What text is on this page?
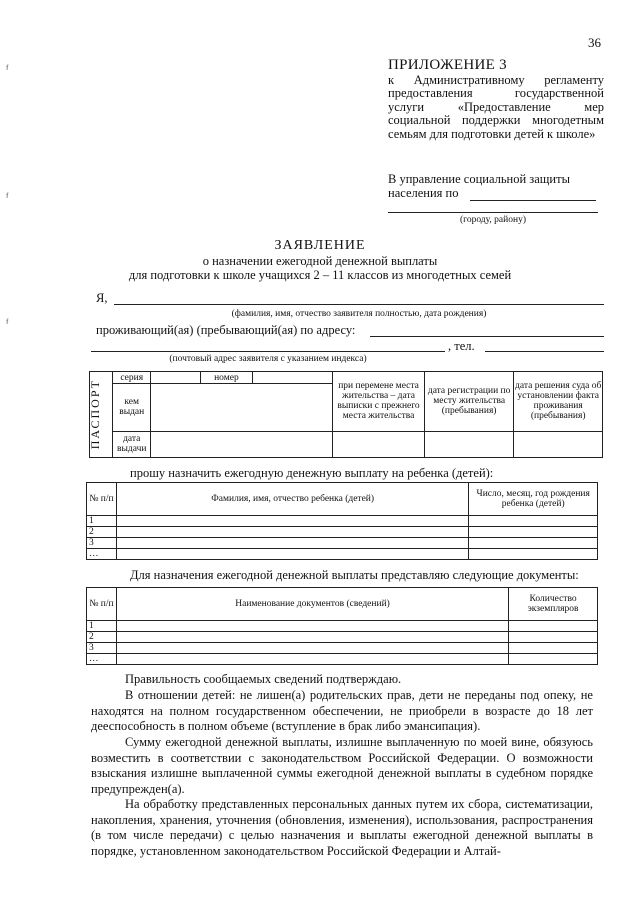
36
ᶠ
ᶠ
ᶠ
ПРИЛОЖЕНИЕ 3
к Административному регламенту предоставления государственной услуги «Предоставление мер социальной поддержки многодетным семьям для подготовки детей к школе»
В управление социальной защиты
населения по
(городу, району)
ЗАЯВЛЕНИЕ
о назначении ежегодной денежной выплаты
для подготовки к школе учащихся 2 – 11 классов из многодетных семей
Я,
(фамилия, имя, отчество заявителя полностью, дата рождения)
проживающий(ая) (пребывающий(ая) по адресу:
, тел.
(почтовый адрес заявителя с указанием индекса)
ПАСПОРТ	серия		номер		при перемене места жительства – дата выписки с прежнего места жительства	дата регистрации по месту жительства (пребывания)	дата решения суда об установлении факта проживания (пребывания)
	кем выдан						
	дата выдачи						
прошу назначить ежегодную денежную выплату на ребенка (детей):
№ п/п	Фамилия, имя, отчество ребенка (детей)	Число, месяц, год рождения ребенка (детей)
1		
2		
3		
…		
Для назначения ежегодной денежной выплаты представляю следующие документы:
№ п/п	Наименование документов (сведений)	Количество экземпляров
1		
2		
3		
…		
Правильность сообщаемых сведений подтверждаю.
В отношении детей: не лишен(а) родительских прав, дети не переданы под опеку, не находятся на полном государственном обеспечении, не приобрели в возрасте до 18 лет дееспособность в полном объеме (вступление в брак либо эмансипация).
Сумму ежегодной денежной выплаты, излишне выплаченную по моей вине, обязуюсь возместить в соответствии с законодательством Российской Федерации. О возможности взыскания излишне выплаченной суммы ежегодной денежной выплаты в судебном порядке предупрежден(а).
На обработку представленных персональных данных путем их сбора, систематизации, накопления, хранения, уточнения (обновления, изменения), использования, распространения (в том числе передачи) с целью назначения и выплаты ежегодной денежной выплаты в порядке, установленном законодательством Российской Федерации и Алтай-
